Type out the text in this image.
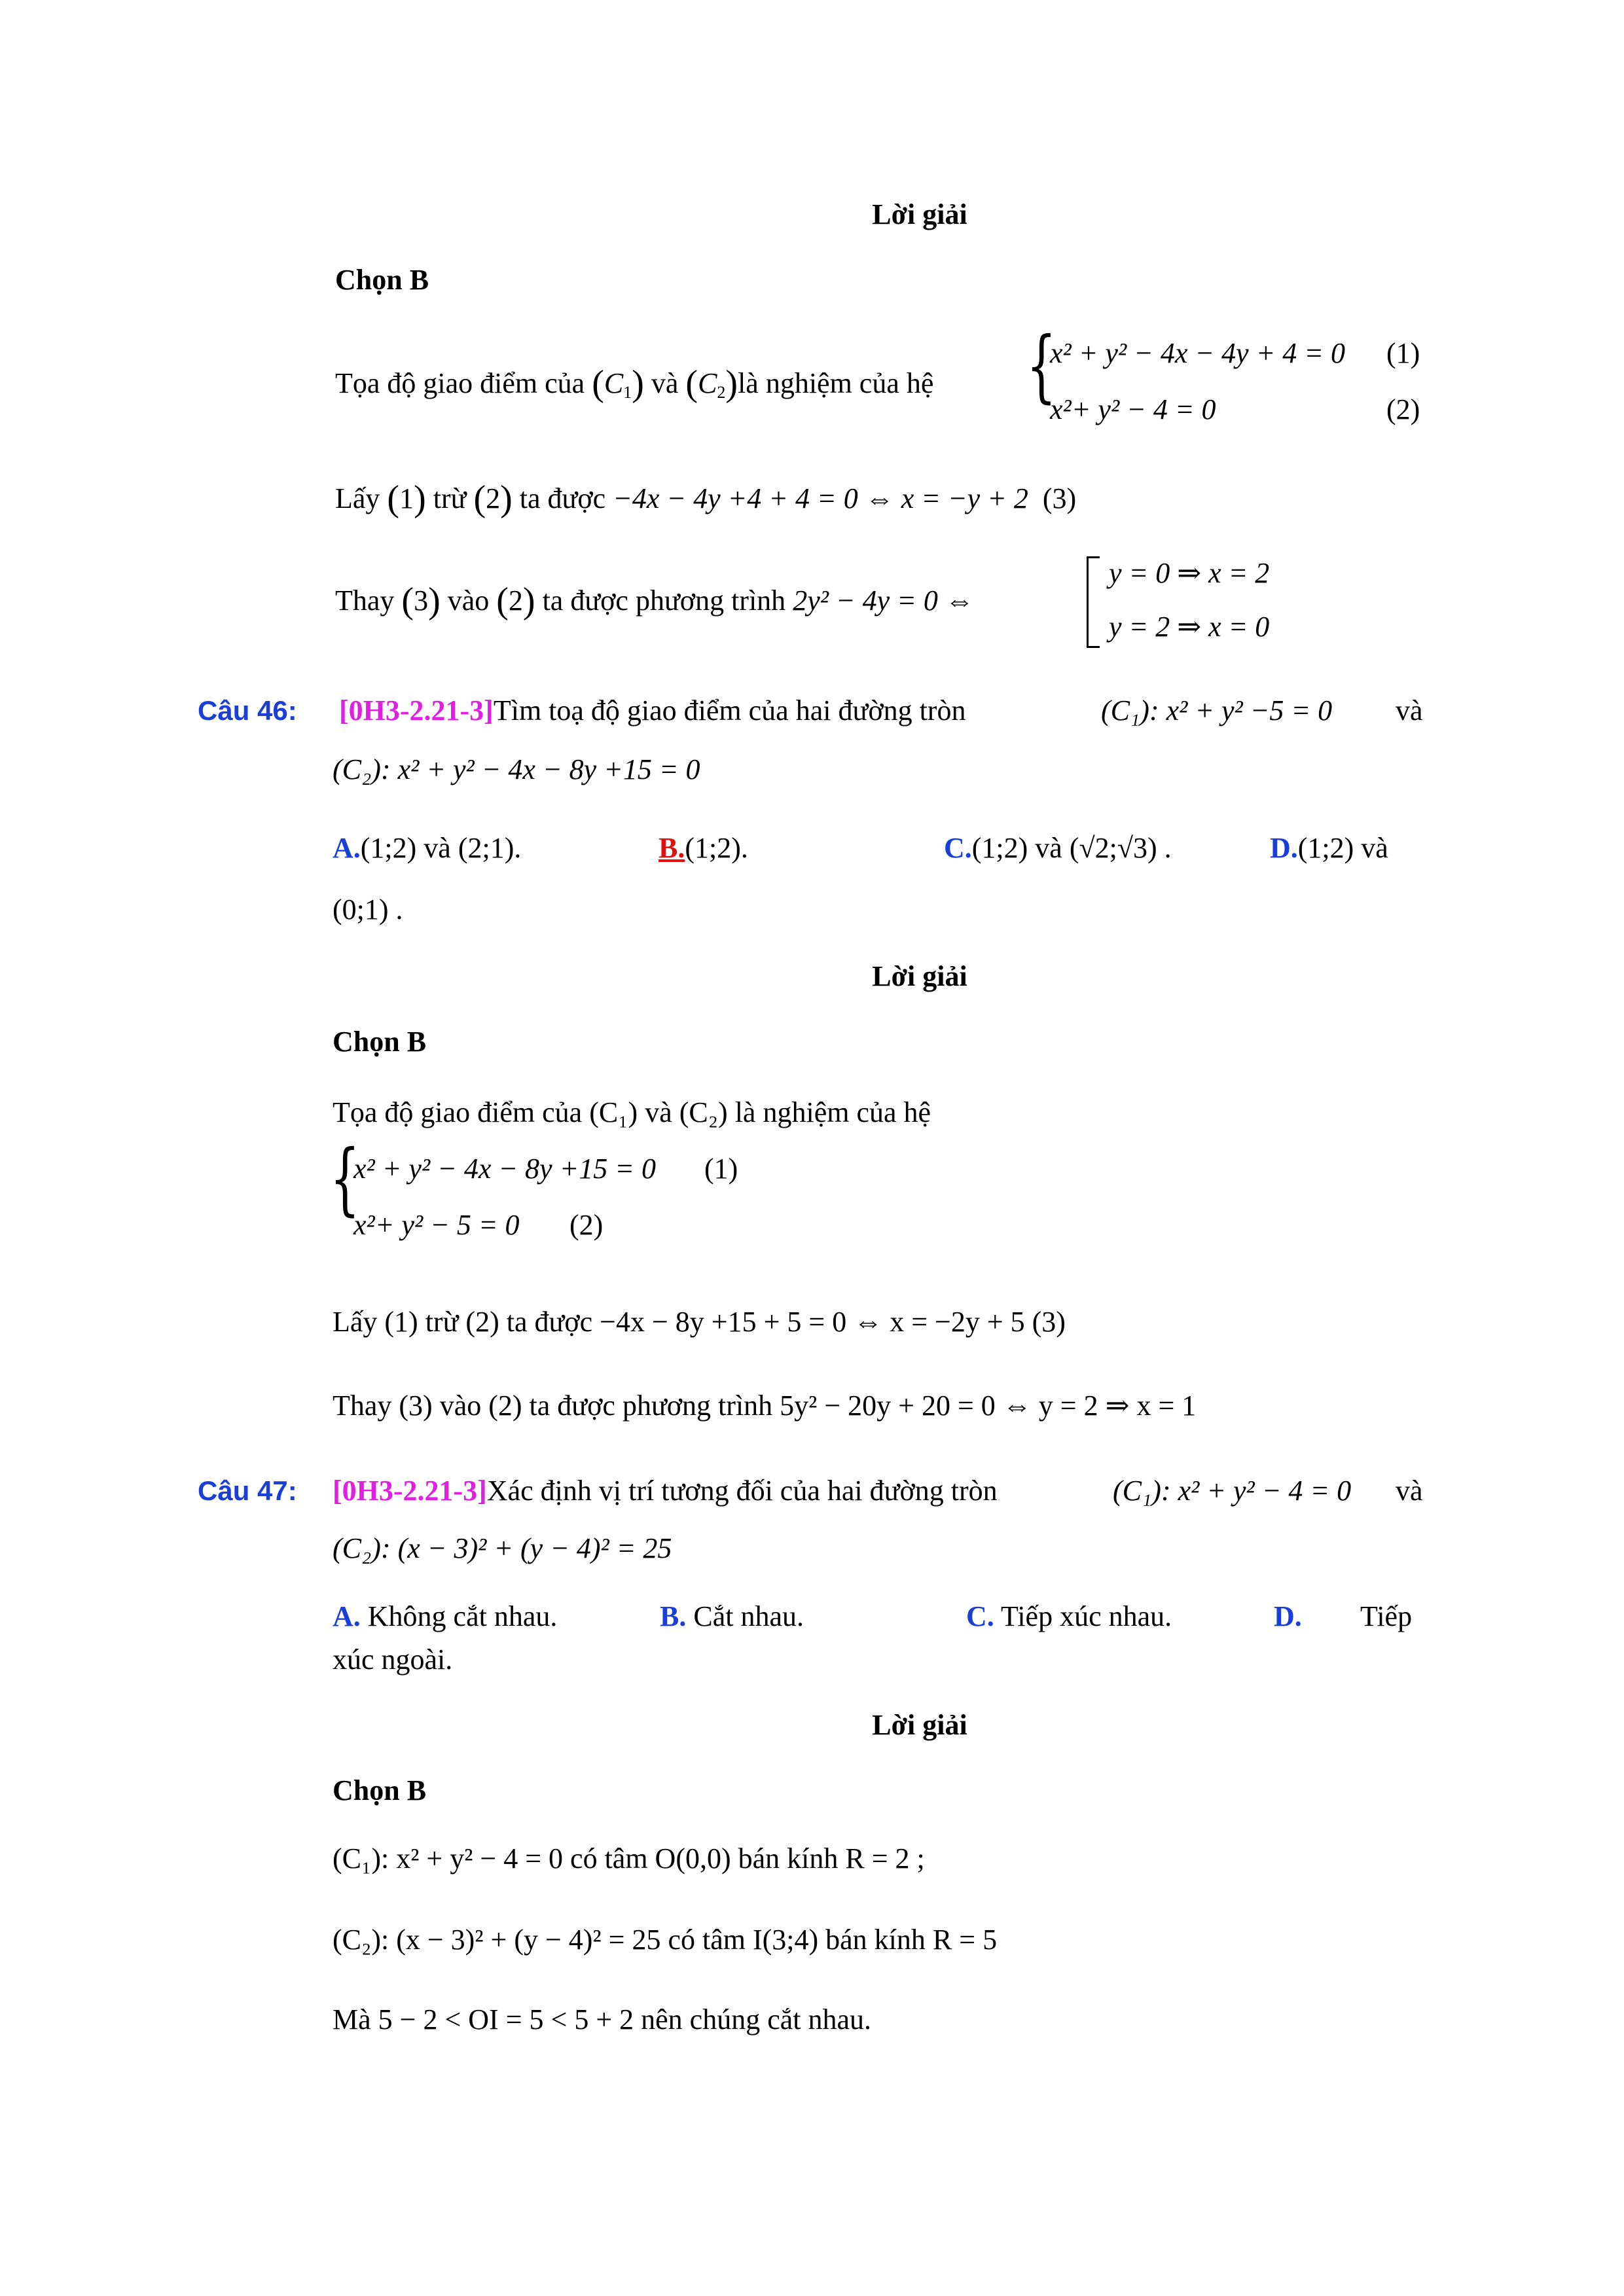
Lời giải
Chọn B
Tọa độ giao điểm của $(C_1)$ và $(C_2)là$ nghiệm của hệ {
x² + y² − 4x − 4y + 4 = 0 (1)
x²+ y² − 4 = 0	(2)
Lấy (1) trừ (2) ta được −4x − 4y +4 + 4 = 0 ⇔ x = −y + 2 (3)
Thay (3) vào (2) ta được phương trình 2y² − 4y = 0 ⇔
y = 0 ⇒ x = 2
y = 2 ⇒ x = 0
Câu 46: [0H3-2.21-3]Tìm toạ độ giao điểm của hai đường tròn	(C₁): x² + y² −5 = 0 và
(C₂): x² + y² − 4x − 8y +15 = 0
A.(1;2) và (2;1).	B.(1;2).	C.(1;2) và (√2;√3) .	D.(1;2) và
(0;1) .
Lời giải
Chọn B
Tọa độ giao điểm của (C₁) và (C₂) là nghiệm của hệ
{
x² + y² − 4x − 8y +15 = 0 (1)
x²+ y² − 5 = 0 (2)
Lấy (1) trừ (2) ta được −4x − 8y +15 + 5 = 0 ⇔ x = −2y + 5 (3)
Thay (3) vào (2) ta được phương trình 5y² − 20y + 20 = 0 ⇔ y = 2 ⇒ x = 1
Câu 47: [0H3-2.21-3]Xác định vị trí tương đối của hai đường tròn	(C₁): x² + y² − 4 = 0 và
(C₂): (x − 3)² + (y − 4)² = 25
A. Không cắt nhau.	B. Cắt nhau.	C. Tiếp xúc nhau.	D. Tiếp
xúc ngoài.
Lời giải
Chọn B
(C₁): x² + y² − 4 = 0 có tâm O(0,0) bán kính R = 2 ;
(C₂): (x − 3)² + (y − 4)² = 25 có tâm I(3;4) bán kính R = 5
Mà 5 − 2 < OI = 5 < 5 + 2 nên chúng cắt nhau.
